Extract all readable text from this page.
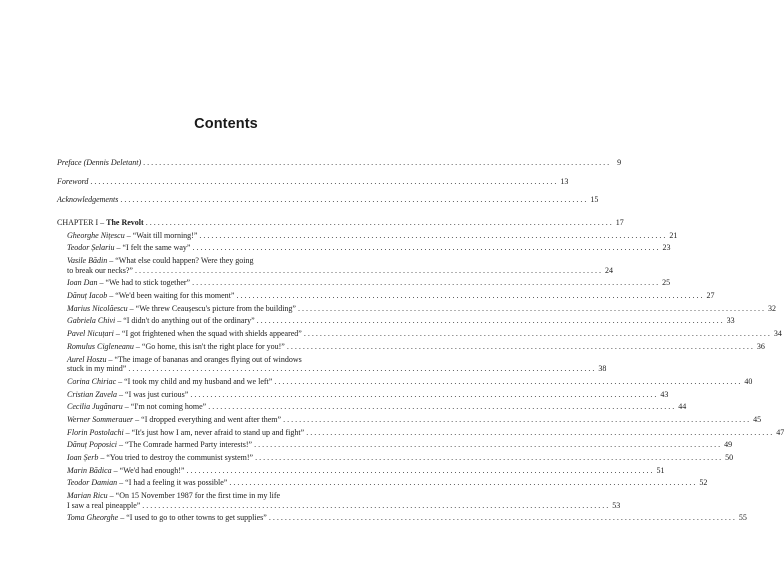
Contents
Preface (Dennis Deletant) . . .	9
Foreword . . .	13
Acknowledgements . . .	15
CHAPTER I – The Revolt . . .	17
Gheorghe Nițescu – “Wait till morning!” . . .	21
Teodor Șelariu – “I felt the same way” . . .	23
Vasile Bădin – “What else could happen? Were they going
to break our necks?” . . .	24
Ioan Dan – “We had to stick together” . . .	25
Dănuț Iacob – “We'd been waiting for this moment” . . .	27
Marius Nicolăescu – “We threw Ceaușescu's picture from the building” . . .	32
Gabriela Chivi – “I didn't do anything out of the ordinary” . . .	33
Pavel Nicuțari – “I got frightened when the squad with shields appeared” . . .	34
Romulus Cigleneanu – “Go home, this isn't the right place for you!” . . .	36
Aurel Hoszu – “The image of bananas and oranges flying out of windows
stuck in my mind” . . .	38
Corina Chiriac – “I took my child and my husband and we left” . . .	40
Cristian Zavela – “I was just curious” . . .	43
Cecilia Jugănaru – “I'm not coming home” . . .	44
Werner Sommerauer – “I dropped everything and went after them” . . .	45
Florin Postolachi – “It's just how I am, never afraid to stand up and fight” . . .	47
Dănuț Poposici – “The Comrade harmed Party interests!” . . .	49
Ioan Șerb – “You tried to destroy the communist system!” . . .	50
Marin Bădica – “We'd had enough!” . . .	51
Teodor Damian – “I had a feeling it was possible” . . .	52
Marian Ricu – “On 15 November 1987 for the first time in my life
I saw a real pineapple” . . .	53
Toma Gheorghe – “I used to go to other towns to get supplies” . . .	55
